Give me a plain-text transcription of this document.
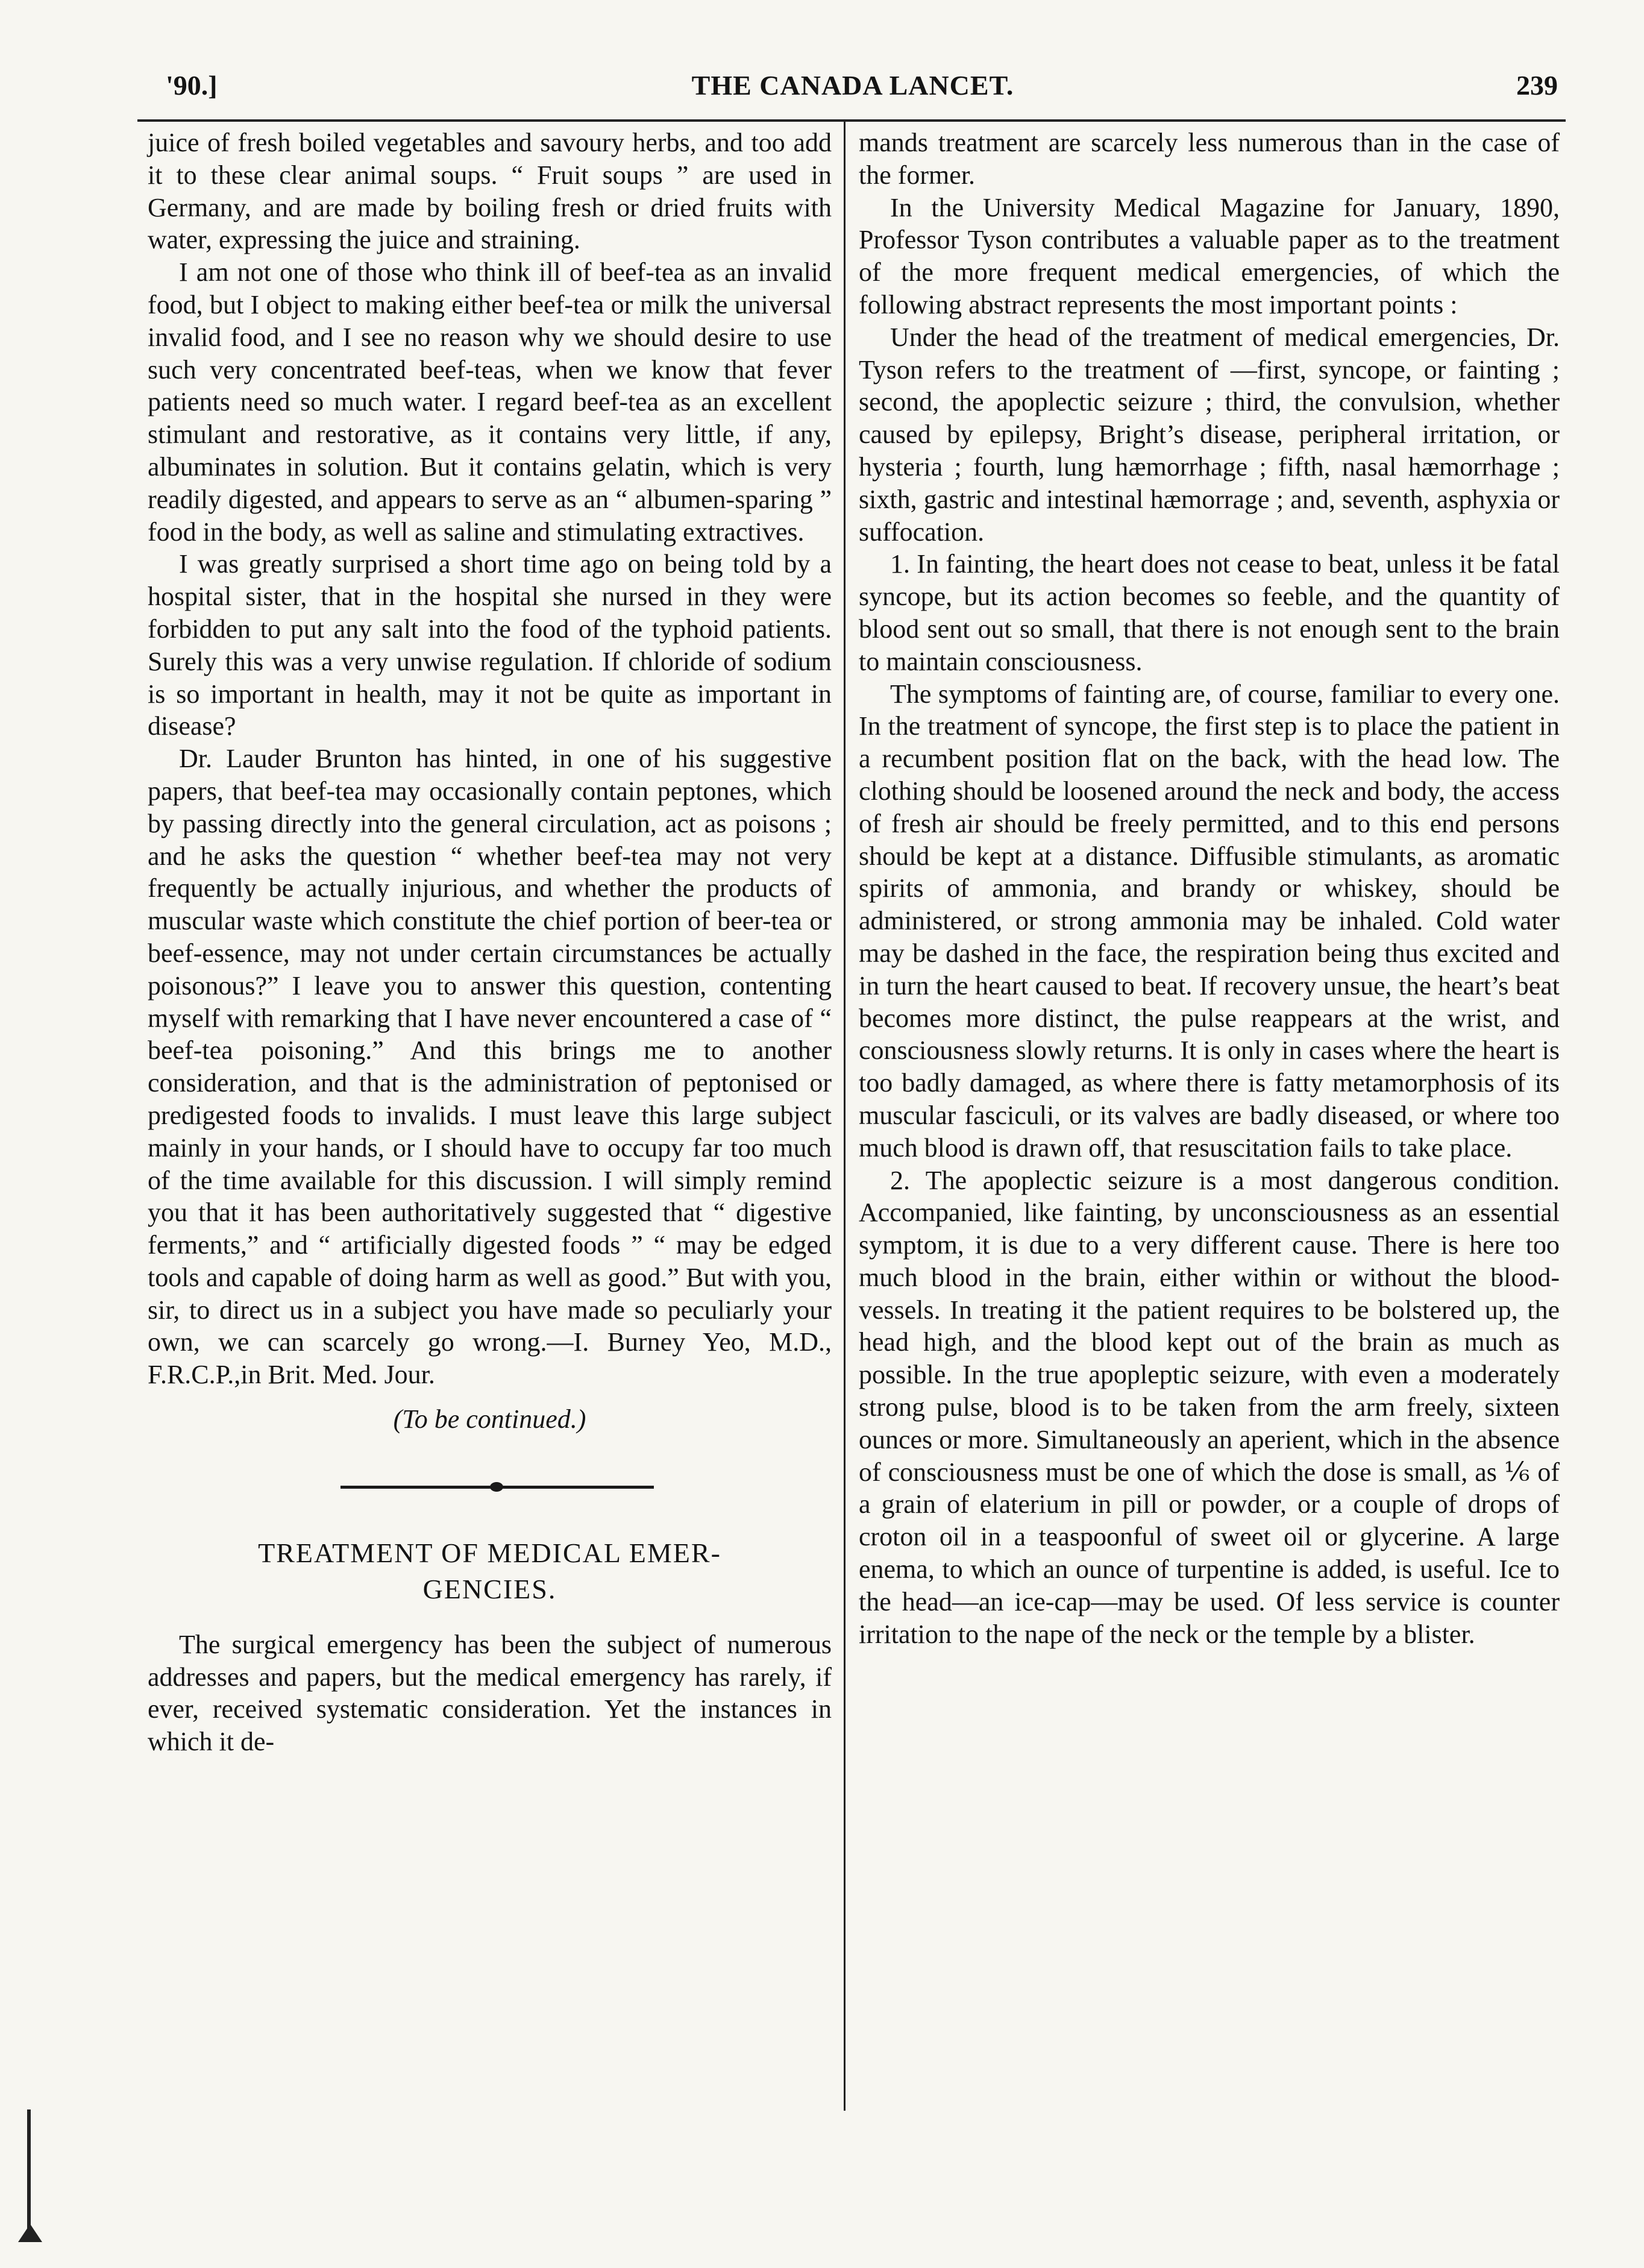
'90.]	THE CANADA LANCET.	239

juice of fresh boiled vegetables and savoury herbs, and too add it to these clear animal soups. “ Fruit soups ” are used in Germany, and are made by boiling fresh or dried fruits with water, expressing the juice and straining.

I am not one of those who think ill of beef-tea as an invalid food, but I object to making either beef-tea or milk the universal invalid food, and I see no reason why we should desire to use such very concentrated beef-teas, when we know that fever patients need so much water. I regard beef-tea as an excellent stimulant and restorative, as it contains very little, if any, albuminates in solution. But it contains gelatin, which is very readily digested, and appears to serve as an “ albumen-sparing ” food in the body, as well as saline and stimulating extractives.

I was greatly surprised a short time ago on being told by a hospital sister, that in the hospital she nursed in they were forbidden to put any salt into the food of the typhoid patients. Surely this was a very unwise regulation. If chloride of sodium is so important in health, may it not be quite as important in disease?

Dr. Lauder Brunton has hinted, in one of his suggestive papers, that beef-tea may occasionally contain peptones, which by passing directly into the general circulation, act as poisons ; and he asks the question “ whether beef-tea may not very frequently be actually injurious, and whether the products of muscular waste which constitute the chief portion of beer-tea or beef-essence, may not under certain circumstances be actually poisonous?” I leave you to answer this question, contenting myself with remarking that I have never encountered a case of “ beef-tea poisoning.” And this brings me to another consideration, and that is the administration of peptonised or predigested foods to invalids. I must leave this large subject mainly in your hands, or I should have to occupy far too much of the time available for this discussion. I will simply remind you that it has been authoritatively suggested that “ digestive ferments,” and “ artificially digested foods ” “ may be edged tools and capable of doing harm as well as good.” But with you, sir, to direct us in a subject you have made so peculiarly your own, we can scarcely go wrong.—I. Burney Yeo, M.D., F.R.C.P.,in Brit. Med. Jour.

(To be continued.)
TREATMENT OF MEDICAL EMER-
GENCIES.

The surgical emergency has been the subject of numerous addresses and papers, but the medical emergency has rarely, if ever, received systematic consideration. Yet the instances in which it de-

mands treatment are scarcely less numerous than in the case of the former.

In the University Medical Magazine for January, 1890, Professor Tyson contributes a valuable paper as to the treatment of the more frequent medical emergencies, of which the following abstract represents the most important points :

Under the head of the treatment of medical emergencies, Dr. Tyson refers to the treatment of —first, syncope, or fainting ; second, the apoplectic seizure ; third, the convulsion, whether caused by epilepsy, Bright’s disease, peripheral irritation, or hysteria ; fourth, lung hæmorrhage ; fifth, nasal hæmorrhage ; sixth, gastric and intestinal hæmorrage ; and, seventh, asphyxia or suffocation.

1. In fainting, the heart does not cease to beat, unless it be fatal syncope, but its action becomes so feeble, and the quantity of blood sent out so small, that there is not enough sent to the brain to maintain consciousness.

The symptoms of fainting are, of course, familiar to every one. In the treatment of syncope, the first step is to place the patient in a recumbent position flat on the back, with the head low. The clothing should be loosened around the neck and body, the access of fresh air should be freely permitted, and to this end persons should be kept at a distance. Diffusible stimulants, as aromatic spirits of ammonia, and brandy or whiskey, should be administered, or strong ammonia may be inhaled. Cold water may be dashed in the face, the respiration being thus excited and in turn the heart caused to beat. If recovery unsue, the heart’s beat becomes more distinct, the pulse reappears at the wrist, and consciousness slowly returns. It is only in cases where the heart is too badly damaged, as where there is fatty metamorphosis of its muscular fasciculi, or its valves are badly diseased, or where too much blood is drawn off, that resuscitation fails to take place.

2. The apoplectic seizure is a most dangerous condition. Accompanied, like fainting, by unconsciousness as an essential symptom, it is due to a very different cause. There is here too much blood in the brain, either within or without the blood-vessels. In treating it the patient requires to be bolstered up, the head high, and the blood kept out of the brain as much as possible. In the true apopleptic seizure, with even a moderately strong pulse, blood is to be taken from the arm freely, sixteen ounces or more. Simultaneously an aperient, which in the absence of consciousness must be one of which the dose is small, as ⅙ of a grain of elaterium in pill or powder, or a couple of drops of croton oil in a teaspoonful of sweet oil or glycerine. A large enema, to which an ounce of turpentine is added, is useful. Ice to the head—an ice-cap—may be used. Of less service is counter irritation to the nape of the neck or the temple by a blister.
